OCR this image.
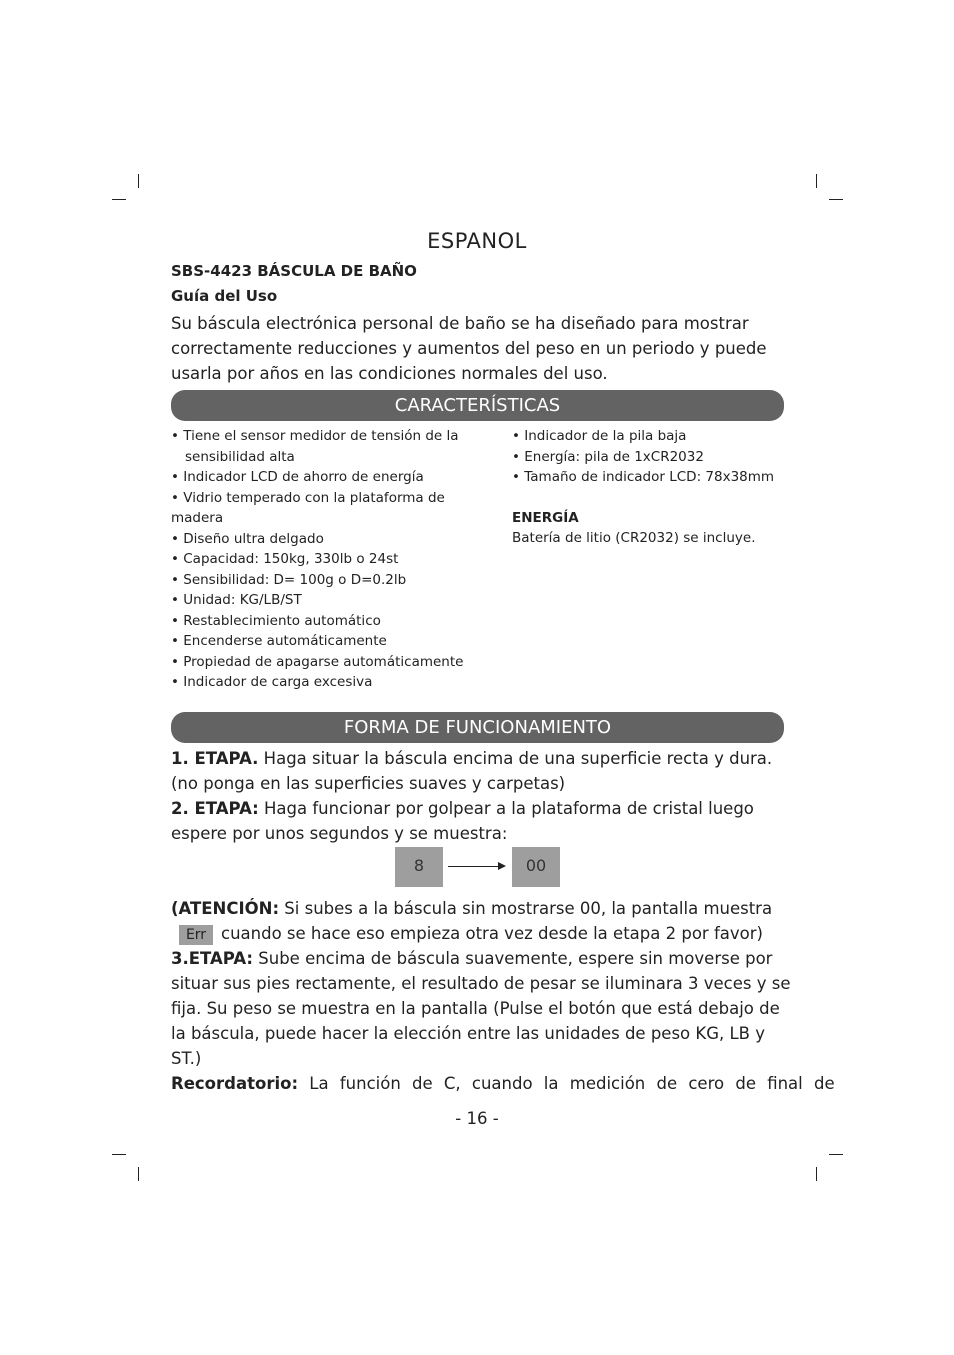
ESPANOL
SBS-4423 BÁSCULA DE BAÑO
Guía del Uso
Su báscula electrónica personal de baño se ha diseñado para mostrar correctamente reducciones y aumentos del peso en un periodo y puede usarla por años en las condiciones normales del uso.
CARACTERÍSTICAS

• Tiene el sensor medidor de tensión de la

sensibilidad alta

• Indicador LCD de ahorro de energía

• Vidrio temperado con la plataforma de madera

• Diseño ultra delgado

• Capacidad: 150kg, 330lb o 24st

• Sensibilidad: D= 100g o D=0.2lb

• Unidad: KG/LB/ST

• Restablecimiento automático

• Encenderse automáticamente

• Propiedad de apagarse automáticamente

• Indicador de carga excesiva

• Indicador de la pila baja

• Energía: pila de 1xCR2032

• Tamaño de indicador LCD: 78x38mm

ENERGÍA

Batería de litio (CR2032) se incluye.

FORMA DE FUNCIONAMIENTO

1. ETAPA. Haga situar la báscula encima de una superficie recta y dura. (no ponga en las superficies suaves y carpetas)

2. ETAPA: Haga funcionar por golpear a la plataforma de cristal luego espere por unos segundos y se muestra:

8	00

(ATENCIÓN: Si subes a la báscula sin mostrarse 00, la pantalla muestra

Err cuando se hace eso empieza otra vez desde la etapa 2 por favor)

3.ETAPA: Sube encima de báscula suavemente, espere sin moverse por situar sus pies rectamente, el resultado de pesar se iluminara 3 veces y se fija. Su peso se muestra en la pantalla (Pulse el botón que está debajo de la báscula, puede hacer la elección entre las unidades de peso KG, LB y ST.)
Recordatorio: La función de C, cuando la medición de cero de final de
- 16 -
